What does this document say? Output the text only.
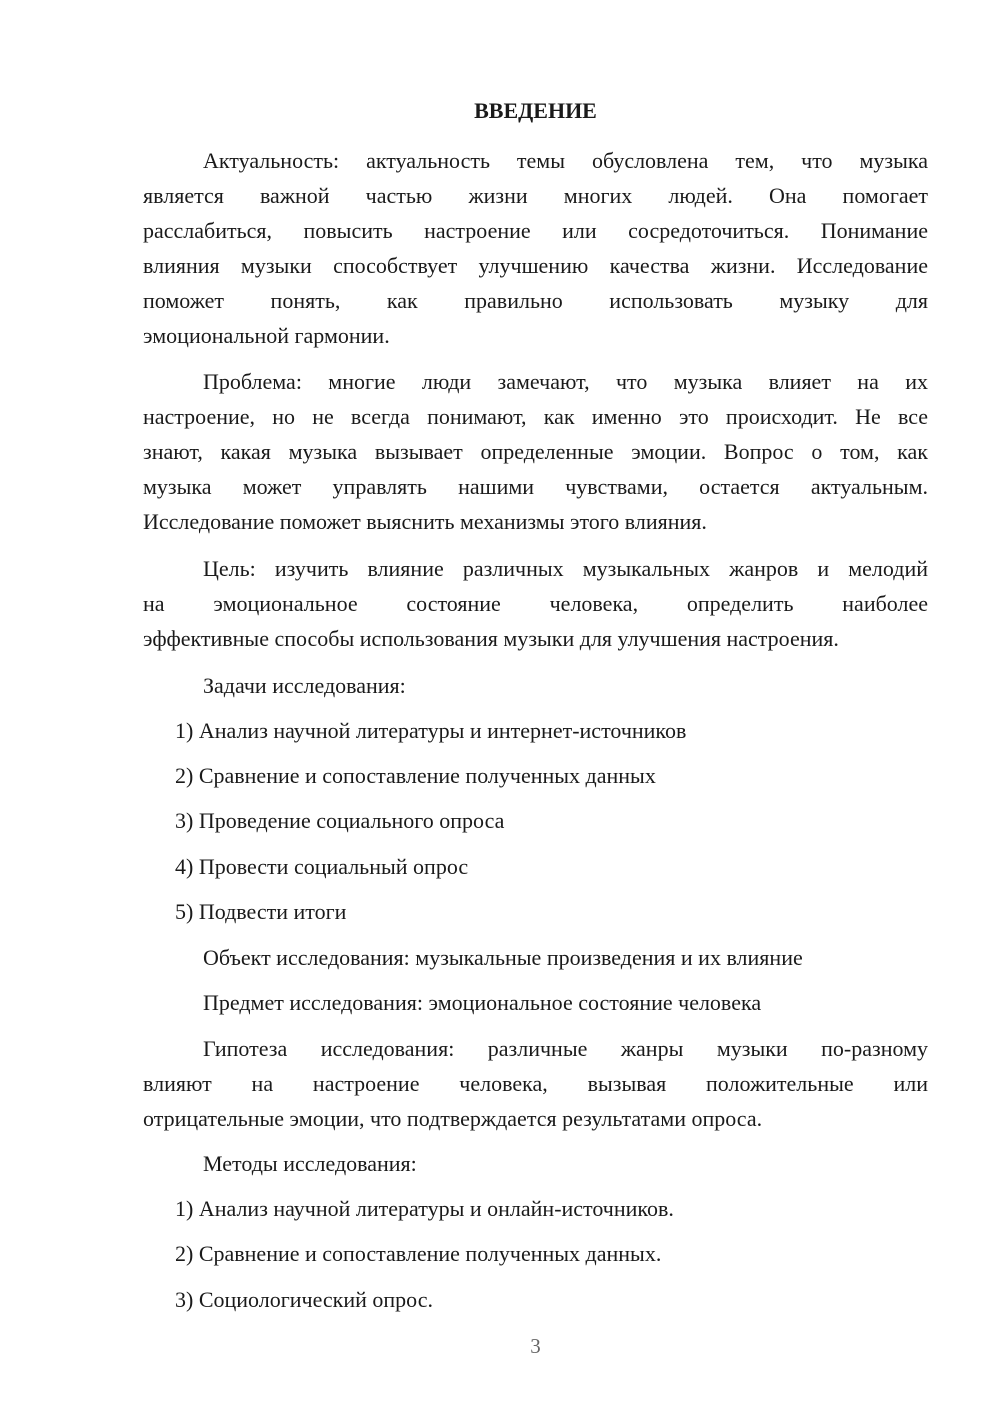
ВВЕДЕНИЕ
Актуальность: актуальность темы обусловлена тем, что музыка
является важной частью жизни многих людей. Она помогает
расслабиться, повысить настроение или сосредоточиться. Понимание
влияния музыки способствует улучшению качества жизни. Исследование
поможет понять, как правильно использовать музыку для
эмоциональной гармонии.
Проблема: многие люди замечают, что музыка влияет на их
настроение, но не всегда понимают, как именно это происходит. Не все
знают, какая музыка вызывает определенные эмоции. Вопрос о том, как
музыка может управлять нашими чувствами, остается актуальным.
Исследование поможет выяснить механизмы этого влияния.
Цель: изучить влияние различных музыкальных жанров и мелодий
на эмоциональное состояние человека, определить наиболее
эффективные способы использования музыки для улучшения настроения.
Задачи исследования:
1) Анализ научной литературы и интернет-источников
2) Сравнение и сопоставление полученных данных
3) Проведение социального опроса
4) Провести социальный опрос
5) Подвести итоги
Объект исследования: музыкальные произведения и их влияние
Предмет исследования: эмоциональное состояние человека
Гипотеза исследования: различные жанры музыки по-разному
влияют на настроение человека, вызывая положительные или
отрицательные эмоции, что подтверждается результатами опроса.
Методы исследования:
1) Анализ научной литературы и онлайн-источников.
2) Сравнение и сопоставление полученных данных.
3) Социологический опрос.
3
